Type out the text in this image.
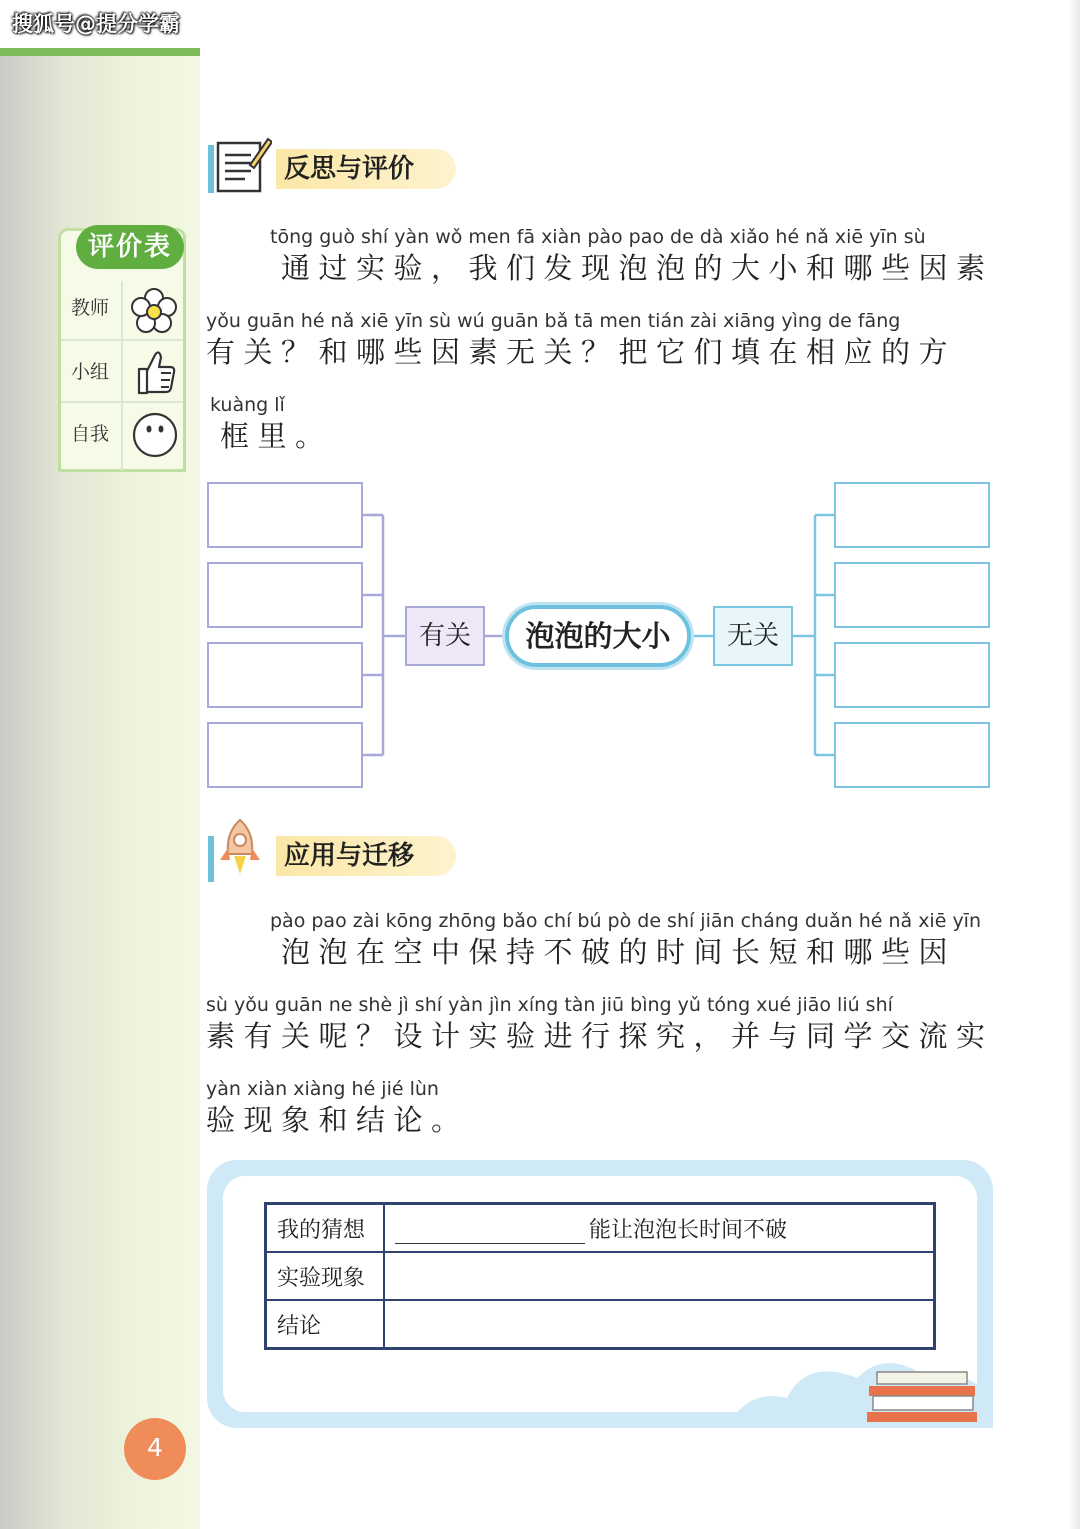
搜狐号@提分学霸
评价表
教师
小组
自我
反思与评价
tōng guò shí yàn wǒ men fā xiàn pào pao de dà xiǎo hé nǎ xiē yīn sù
　　通过实验，我们发现泡泡的大小和哪些因素
yǒu guān hé nǎ xiē yīn sù wú guān bǎ tā men tián zài xiāng yìng de fāng
有关？和哪些因素无关？把它们填在相应的方
kuàng lǐ
框里。
有关	泡泡的大小	无关
应用与迁移
pào pao zài kōng zhōng bǎo chí bú pò de shí jiān cháng duǎn hé nǎ xiē yīn
　　泡泡在空中保持不破的时间长短和哪些因
sù yǒu guān ne shè jì shí yàn jìn xíng tàn jiū bìng yǔ tóng xué jiāo liú shí
素有关呢？设计实验进行探究，并与同学交流实
yàn xiàn xiàng hé jié lùn
验现象和结论。
我的猜想	能让泡泡长时间不破
实验现象	
结论	
4
